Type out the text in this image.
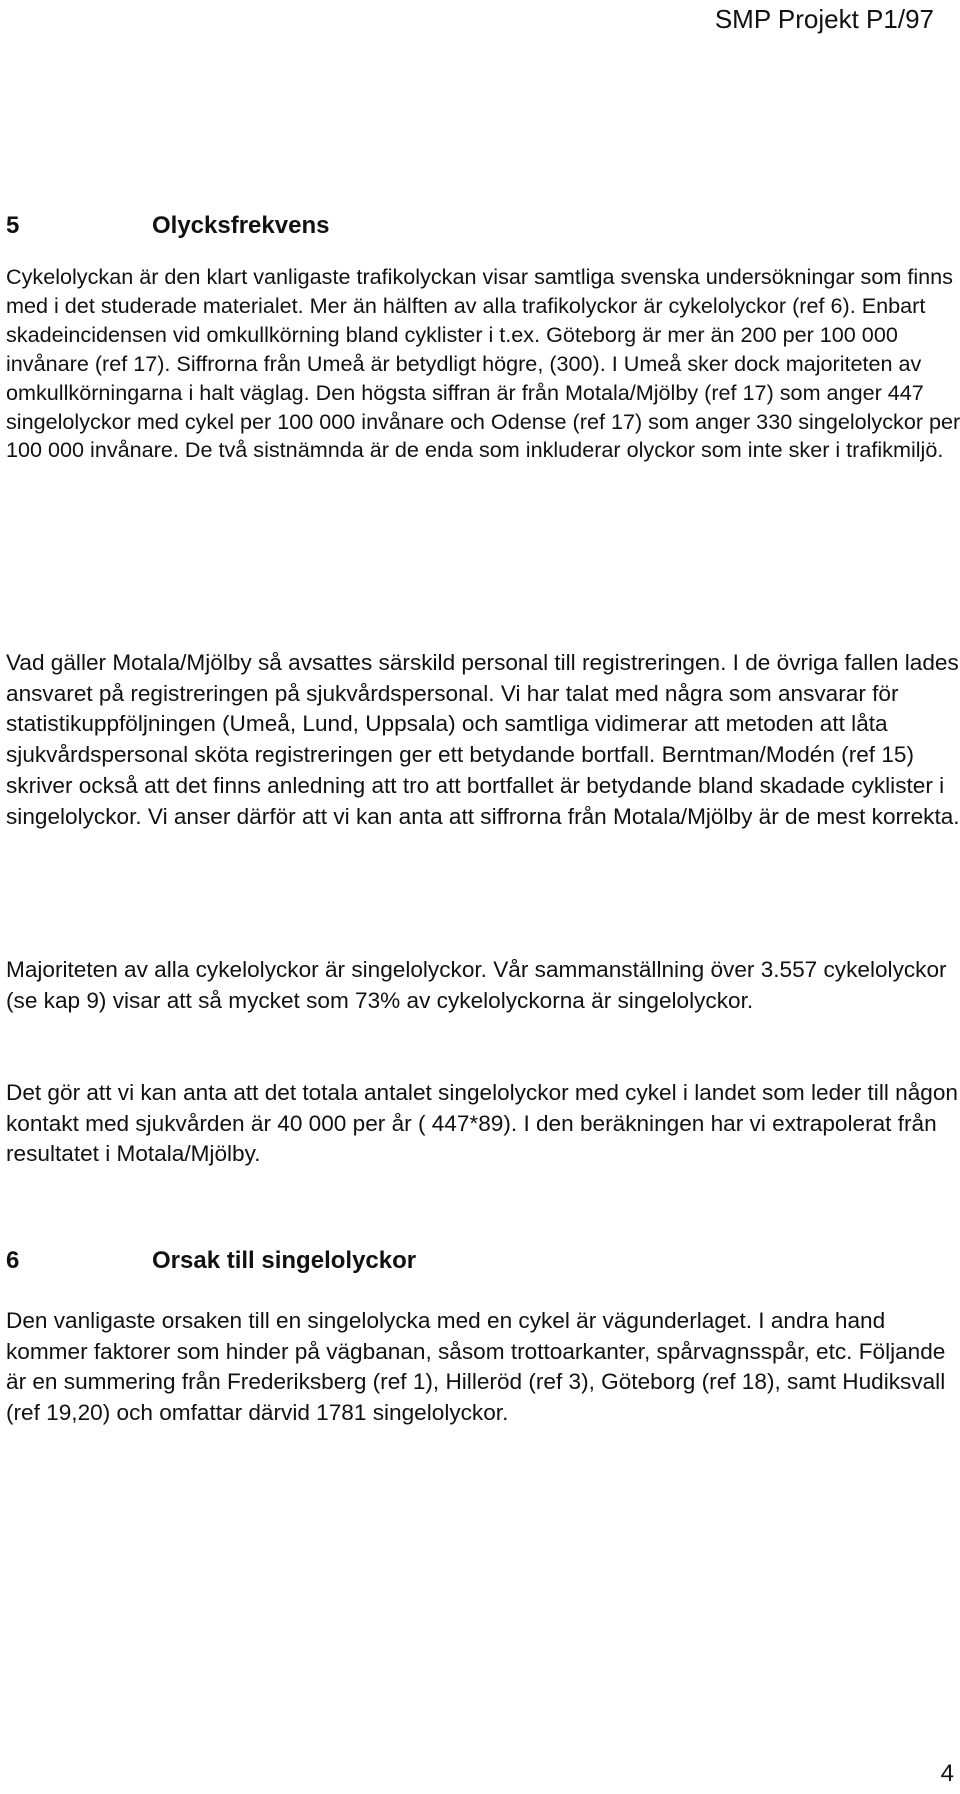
SMP Projekt P1/97
5	Olycksfrekvens

Cykelolyckan är den klart vanligaste trafikolyckan visar samtliga svenska undersökningar som finns med i det studerade materialet. Mer än hälften av alla trafikolyckor är cykelolyckor (ref 6). Enbart skadeincidensen vid omkullkörning bland cyklister i t.ex. Göteborg är mer än 200 per 100 000 invånare (ref 17). Siffrorna från Umeå är betydligt högre, (300). I Umeå sker dock majoriteten av omkullkörningarna i halt väglag. Den högsta siffran är från Motala/Mjölby (ref 17) som anger 447 singelolyckor med cykel per 100 000 invånare och Odense (ref 17) som anger 330 singelolyckor per 100 000 invånare. De två sistnämnda är de enda som inkluderar olyckor som inte sker i trafikmiljö.

Vad gäller Motala/Mjölby så avsattes särskild personal till registreringen. I de övriga fallen lades ansvaret på registreringen på sjukvårdspersonal. Vi har talat med några som ansvarar för statistikuppföljningen (Umeå, Lund, Uppsala) och samtliga vidimerar att metoden att låta sjukvårdspersonal sköta registreringen ger ett betydande bortfall. Berntman/Modén (ref 15) skriver också att det finns anledning att tro att bortfallet är betydande bland skadade cyklister i singelolyckor. Vi anser därför att vi kan anta att siffrorna från Motala/Mjölby är de mest korrekta.

Majoriteten av alla cykelolyckor är singelolyckor. Vår sammanställning över 3.557 cykelolyckor (se kap 9) visar att så mycket som 73% av cykelolyckorna är singelolyckor.

Det gör att vi kan anta att det totala antalet singelolyckor med cykel i landet som leder till någon kontakt med sjukvården är 40 000 per år ( 447*89). I den beräkningen har vi extrapolerat från resultatet i Motala/Mjölby.

6	Orsak till singelolyckor

Den vanligaste orsaken till en singelolycka med en cykel är vägunderlaget. I andra hand kommer faktorer som hinder på vägbanan, såsom trottoarkanter, spårvagnsspår, etc. Följande är en summering från Frederiksberg (ref 1), Hilleröd (ref 3), Göteborg (ref 18), samt Hudiksvall (ref 19,20) och omfattar därvid 1781 singelolyckor.

4
